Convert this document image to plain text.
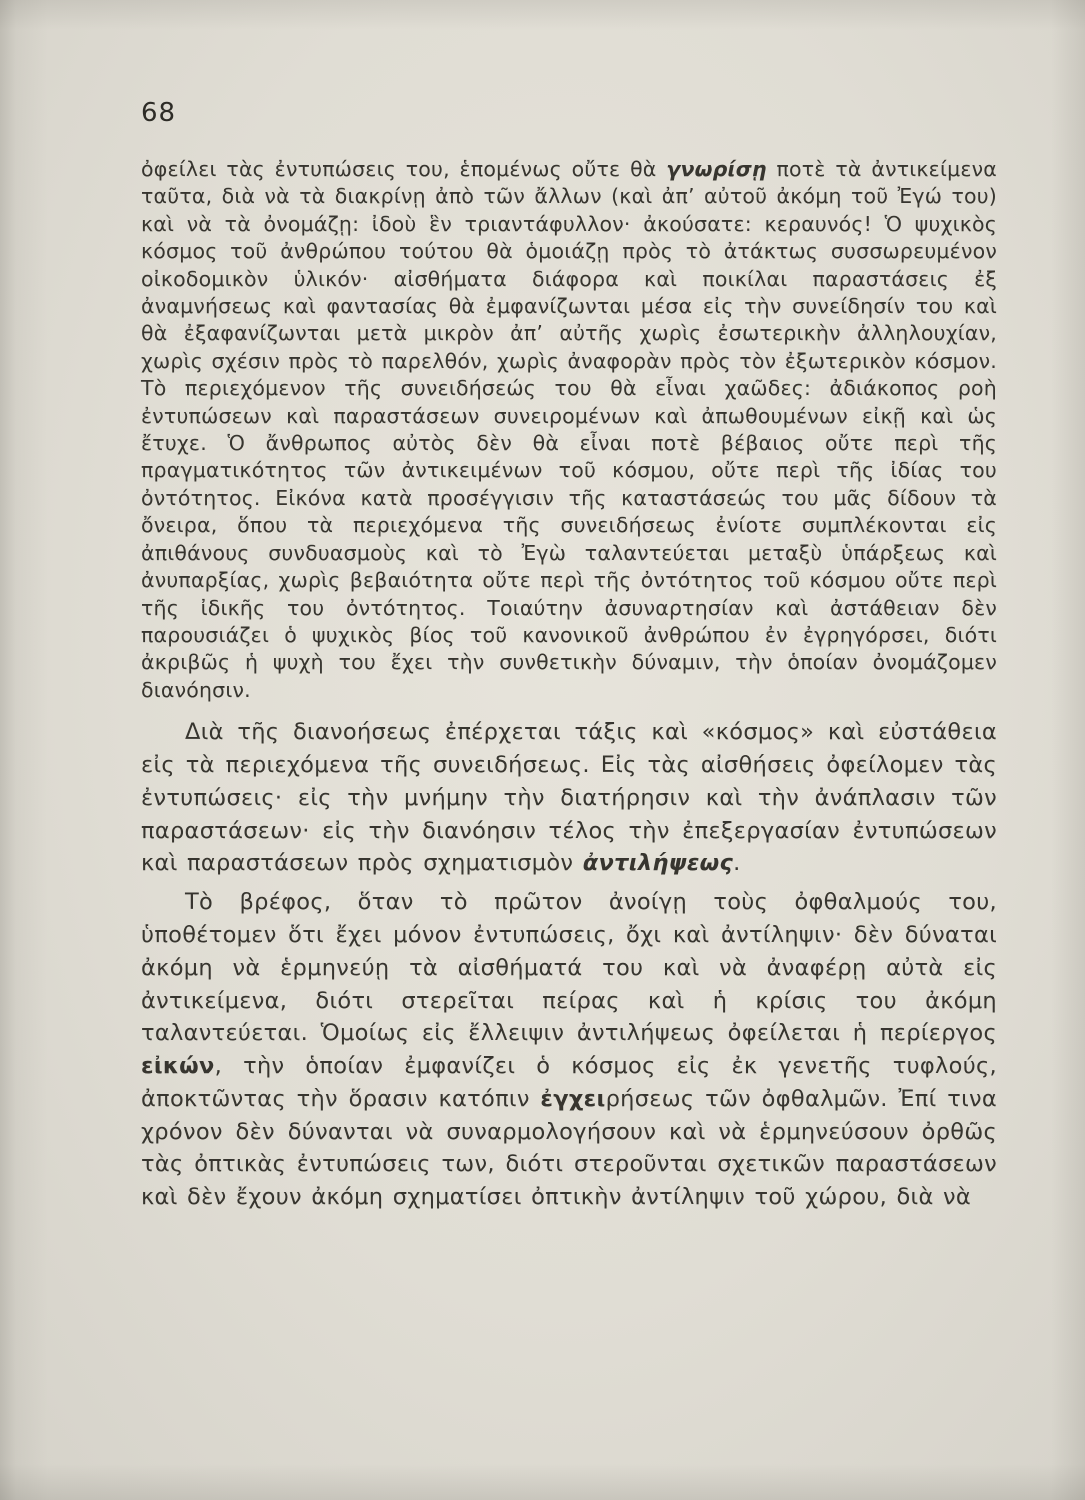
68

ὀφείλει τὰς ἐντυπώσεις του, ἑπομένως οὔτε θὰ γνωρίσῃ ποτὲ τὰ ἀντικείμενα ταῦτα, διὰ νὰ τὰ διακρίνῃ ἀπὸ τῶν ἄλλων (καὶ ἀπ’ αὐτοῦ ἀκόμη τοῦ Ἐγώ του) καὶ νὰ τὰ ὀνομάζῃ: ἰδοὺ ἓν τριαντάφυλλον· ἀκούσατε: κεραυνός! Ὁ ψυχικὸς κόσμος τοῦ ἀνθρώπου τούτου θὰ ὁμοιάζῃ πρὸς τὸ ἀτάκτως συσσωρευμένον οἰκοδομικὸν ὑλικόν· αἰσθήματα διάφορα καὶ ποικίλαι παραστάσεις ἐξ ἀναμνήσεως καὶ φαντασίας θὰ ἐμφανίζωνται μέσα εἰς τὴν συνείδησίν του καὶ θὰ ἐξαφανίζωνται μετὰ μικρὸν ἀπ’ αὐτῆς χωρὶς ἐσωτερικὴν ἀλληλουχίαν, χωρὶς σχέσιν πρὸς τὸ παρελθόν, χωρὶς ἀναφορὰν πρὸς τὸν ἐξωτερικὸν κόσμον. Τὸ περιεχόμενον τῆς συνειδήσεώς του θὰ εἶναι χαῶδες: ἀδιάκοπος ροὴ ἐντυπώσεων καὶ παραστάσεων συνειρομένων καὶ ἀπωθουμένων εἰκῇ καὶ ὡς ἔτυχε. Ὁ ἄνθρωπος αὐτὸς δὲν θὰ εἶναι ποτὲ βέβαιος οὔτε περὶ τῆς πραγματικότητος τῶν ἀντικειμένων τοῦ κόσμου, οὔτε περὶ τῆς ἰδίας του ὀντότητος. Εἰκόνα κατὰ προσέγγισιν τῆς καταστάσεώς του μᾶς δίδουν τὰ ὄνειρα, ὅπου τὰ περιεχόμενα τῆς συνειδήσεως ἐνίοτε συμπλέκονται εἰς ἀπιθάνους συνδυασμοὺς καὶ τὸ Ἐγὼ ταλαντεύεται μεταξὺ ὑπάρξεως καὶ ἀνυπαρξίας, χωρὶς βεβαιότητα οὔτε περὶ τῆς ὀντότητος τοῦ κόσμου οὔτε περὶ τῆς ἰδικῆς του ὀντότητος. Τοιαύτην ἀσυναρτησίαν καὶ ἀστάθειαν δὲν παρουσιάζει ὁ ψυχικὸς βίος τοῦ κανονικοῦ ἀνθρώπου ἐν ἐγρηγόρσει, διότι ἀκριβῶς ἡ ψυχὴ του ἔχει τὴν συνθετικὴν δύναμιν, τὴν ὁποίαν ὀνομάζομεν διανόησιν.

Διὰ τῆς διανοήσεως ἐπέρχεται τάξις καὶ «κόσμος» καὶ εὐστάθεια εἰς τὰ περιεχόμενα τῆς συνειδήσεως. Εἰς τὰς αἰσθήσεις ὀφείλομεν τὰς ἐντυπώσεις· εἰς τὴν μνήμην τὴν διατήρησιν καὶ τὴν ἀνάπλασιν τῶν παραστάσεων· εἰς τὴν διανόησιν τέλος τὴν ἐπεξεργασίαν ἐντυπώσεων καὶ παραστάσεων πρὸς σχηματισμὸν ἀντιλήψεως.

Τὸ βρέφος, ὅταν τὸ πρῶτον ἀνοίγῃ τοὺς ὀφθαλμούς του, ὑποθέτομεν ὅτι ἔχει μόνον ἐντυπώσεις, ὄχι καὶ ἀντίληψιν· δὲν δύναται ἀκόμη νὰ ἑρμηνεύῃ τὰ αἰσθήματά του καὶ νὰ ἀναφέρῃ αὐτὰ εἰς ἀντικείμενα, διότι στερεῖται πείρας καὶ ἡ κρίσις του ἀκόμη ταλαντεύεται. Ὁμοίως εἰς ἔλλειψιν ἀντιλήψεως ὀφείλεται ἡ περίεργος εἰκών, τὴν ὁποίαν ἐμφανίζει ὁ κόσμος εἰς ἐκ γενετῆς τυφλούς, ἀποκτῶντας τὴν ὅρασιν κατόπιν ἐγχειρήσεως τῶν ὀφθαλμῶν. Ἐπί τινα χρόνον δὲν δύνανται νὰ συναρμολογήσουν καὶ νὰ ἑρμηνεύσουν ὀρθῶς τὰς ὀπτικὰς ἐντυπώσεις των, διότι στεροῦνται σχετικῶν παραστάσεων καὶ δὲν ἔχουν ἀκόμη σχηματίσει ὀπτικὴν ἀντίληψιν τοῦ χώρου, διὰ νὰ
